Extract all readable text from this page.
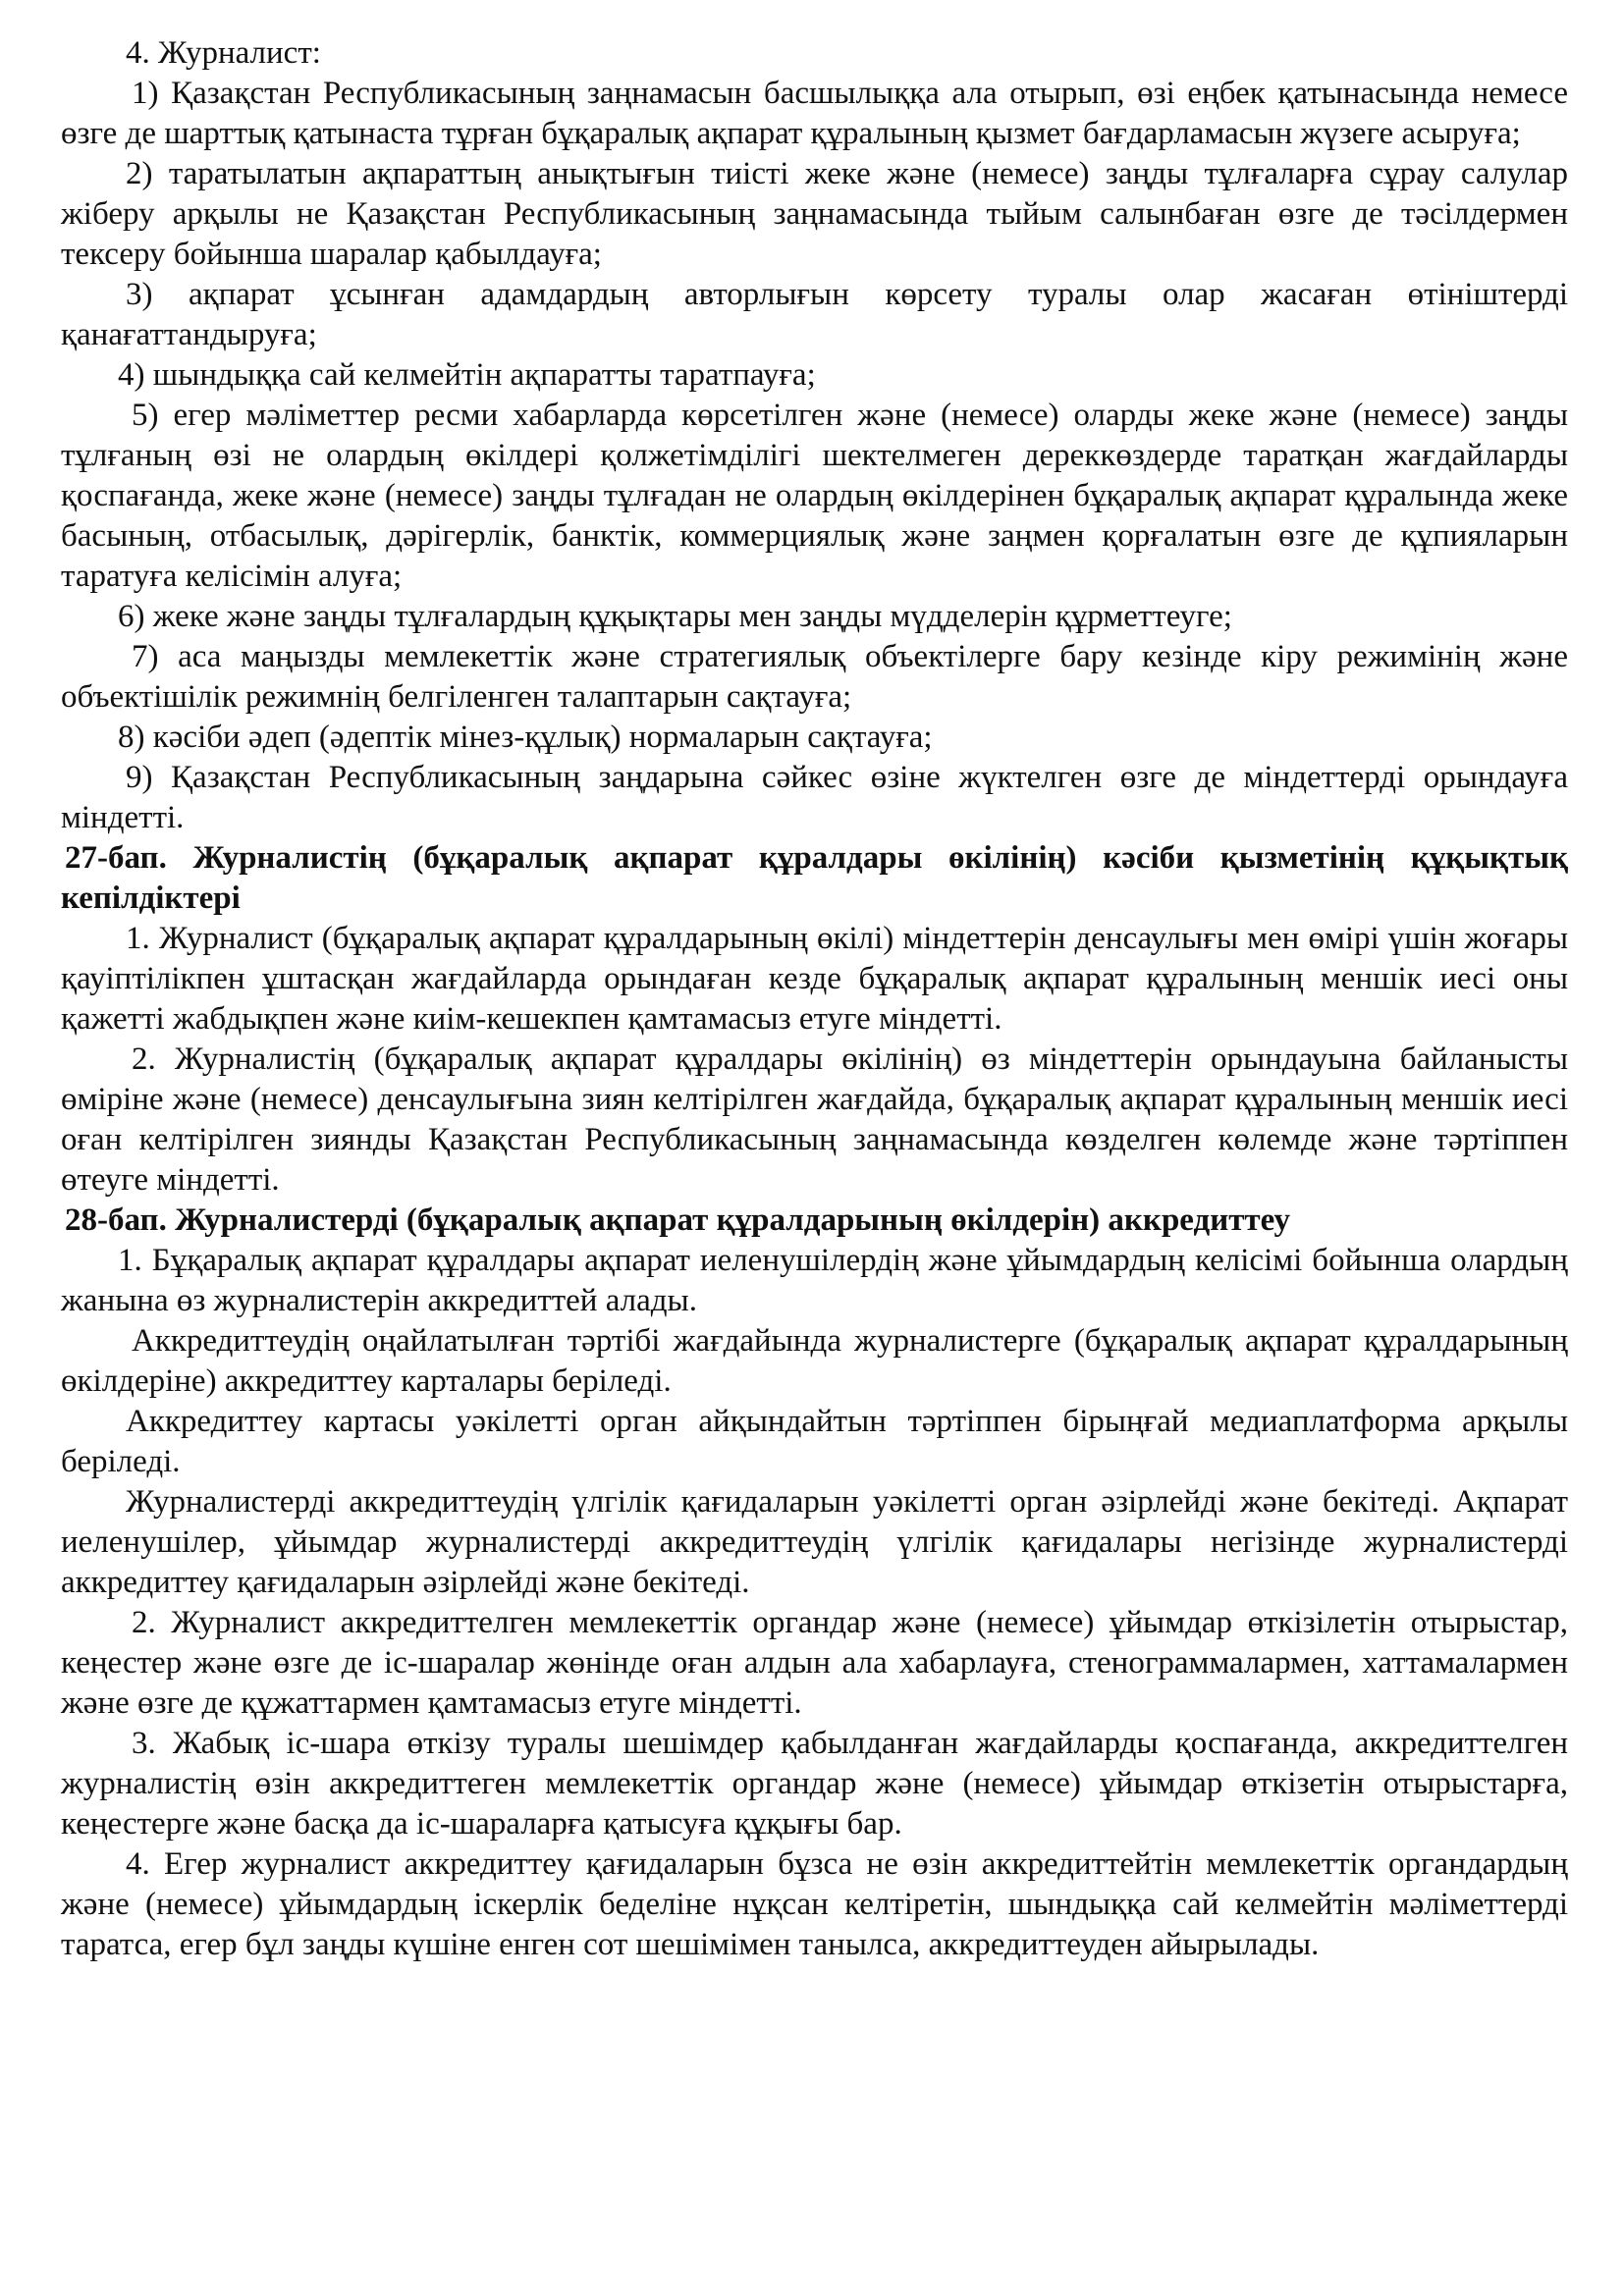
4. Журналист:

1) Қазақстан Республикасының заңнамасын басшылыққа ала отырып, өзі еңбек қатынасында немесе өзге де шарттық қатынаста тұрған бұқаралық ақпарат құралының қызмет бағдарламасын жүзеге асыруға;

2) таратылатын ақпараттың анықтығын тиісті жеке және (немесе) заңды тұлғаларға сұрау салулар жіберу арқылы не Қазақстан Республикасының заңнамасында тыйым салынбаған өзге де тәсілдермен тексеру бойынша шаралар қабылдауға;

3) ақпарат ұсынған адамдардың авторлығын көрсету туралы олар жасаған өтініштерді қанағаттандыруға;

4) шындыққа сай келмейтін ақпаратты таратпауға;

5) егер мәліметтер ресми хабарларда көрсетілген және (немесе) оларды жеке және (немесе) заңды тұлғаның өзі не олардың өкілдері қолжетімділігі шектелмеген дереккөздерде таратқан жағдайларды қоспағанда, жеке және (немесе) заңды тұлғадан не олардың өкілдерінен бұқаралық ақпарат құралында жеке басының, отбасылық, дәрігерлік, банктік, коммерциялық және заңмен қорғалатын өзге де құпияларын таратуға келісімін алуға;

6) жеке және заңды тұлғалардың құқықтары мен заңды мүдделерін құрметтеуге;

7) аса маңызды мемлекеттік және стратегиялық объектілерге бару кезінде кіру режимінің және объектішілік режимнің белгіленген талаптарын сақтауға;

8) кәсіби әдеп (әдептік мінез-құлық) нормаларын сақтауға;

9) Қазақстан Республикасының заңдарына сәйкес өзіне жүктелген өзге де міндеттерді орындауға міндетті.

27-бап. Журналистің (бұқаралық ақпарат құралдары өкілінің) кәсіби қызметінің құқықтық кепілдіктері

1. Журналист (бұқаралық ақпарат құралдарының өкілі) міндеттерін денсаулығы мен өмірі үшін жоғары қауіптілікпен ұштасқан жағдайларда орындаған кезде бұқаралық ақпарат құралының меншік иесі оны қажетті жабдықпен және киім-кешекпен қамтамасыз етуге міндетті.

2. Журналистің (бұқаралық ақпарат құралдары өкілінің) өз міндеттерін орындауына байланысты өміріне және (немесе) денсаулығына зиян келтірілген жағдайда, бұқаралық ақпарат құралының меншік иесі оған келтірілген зиянды Қазақстан Республикасының заңнамасында көзделген көлемде және тәртіппен өтеуге міндетті.

28-бап. Журналистерді (бұқаралық ақпарат құралдарының өкілдерін) аккредиттеу

1. Бұқаралық ақпарат құралдары ақпарат иеленушілердің және ұйымдардың келісімі бойынша олардың жанына өз журналистерін аккредиттей алады.

Аккредиттеудің оңайлатылған тәртібі жағдайында журналистерге (бұқаралық ақпарат құралдарының өкілдеріне) аккредиттеу карталары беріледі.

Аккредиттеу картасы уәкілетті орган айқындайтын тәртіппен бірыңғай медиаплатформа арқылы беріледі.

Журналистерді аккредиттеудің үлгілік қағидаларын уәкілетті орган әзірлейді және бекітеді. Ақпарат иеленушілер, ұйымдар журналистерді аккредиттеудің үлгілік қағидалары негізінде журналистерді аккредиттеу қағидаларын әзірлейді және бекітеді.

2. Журналист аккредиттелген мемлекеттік органдар және (немесе) ұйымдар өткізілетін отырыстар, кеңестер және өзге де іс-шаралар жөнінде оған алдын ала хабарлауға, стенограммалармен, хаттамалармен және өзге де құжаттармен қамтамасыз етуге міндетті.

3. Жабық іс-шара өткізу туралы шешімдер қабылданған жағдайларды қоспағанда, аккредиттелген журналистің өзін аккредиттеген мемлекеттік органдар және (немесе) ұйымдар өткізетін отырыстарға, кеңестерге және басқа да іс-шараларға қатысуға құқығы бар.

4. Егер журналист аккредиттеу қағидаларын бұзса не өзін аккредиттейтін мемлекеттік органдардың және (немесе) ұйымдардың іскерлік беделіне нұқсан келтіретін, шындыққа сай келмейтін мәліметтерді таратса, егер бұл заңды күшіне енген сот шешімімен танылса, аккредиттеуден айырылады.
